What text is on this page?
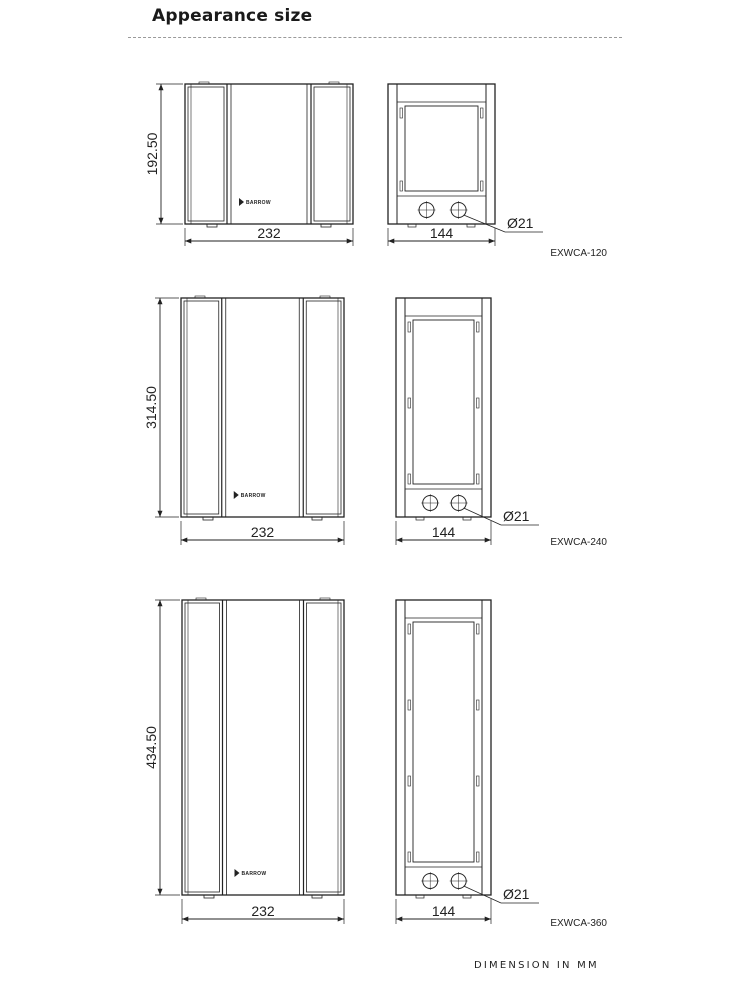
Appearance size
BARROW
192.50
232	144
Ø21
EXWCA-120
BARROW
314.50
232	144
Ø21
EXWCA-240
BARROW
434.50
232	144
Ø21
EXWCA-360
DIMENSION IN MM
